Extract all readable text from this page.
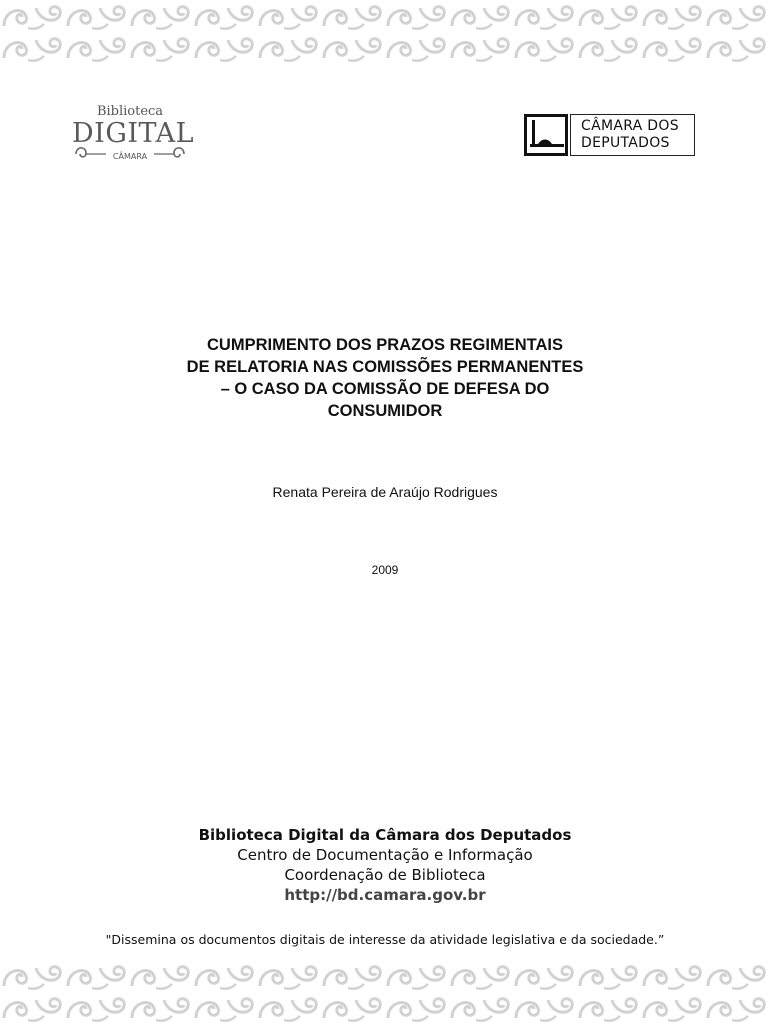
Biblioteca
DIGITAL
CÂMARA
CÂMARA DOS
DEPUTADOS
CUMPRIMENTO DOS PRAZOS REGIMENTAIS
DE RELATORIA NAS COMISSÕES PERMANENTES
– O CASO DA COMISSÃO DE DEFESA DO
CONSUMIDOR
Renata Pereira de Araújo Rodrigues
2009
Biblioteca Digital da Câmara dos Deputados
Centro de Documentação e Informação
Coordenação de Biblioteca
http://bd.camara.gov.br
"Dissemina os documentos digitais de interesse da atividade legislativa e da sociedade.”
